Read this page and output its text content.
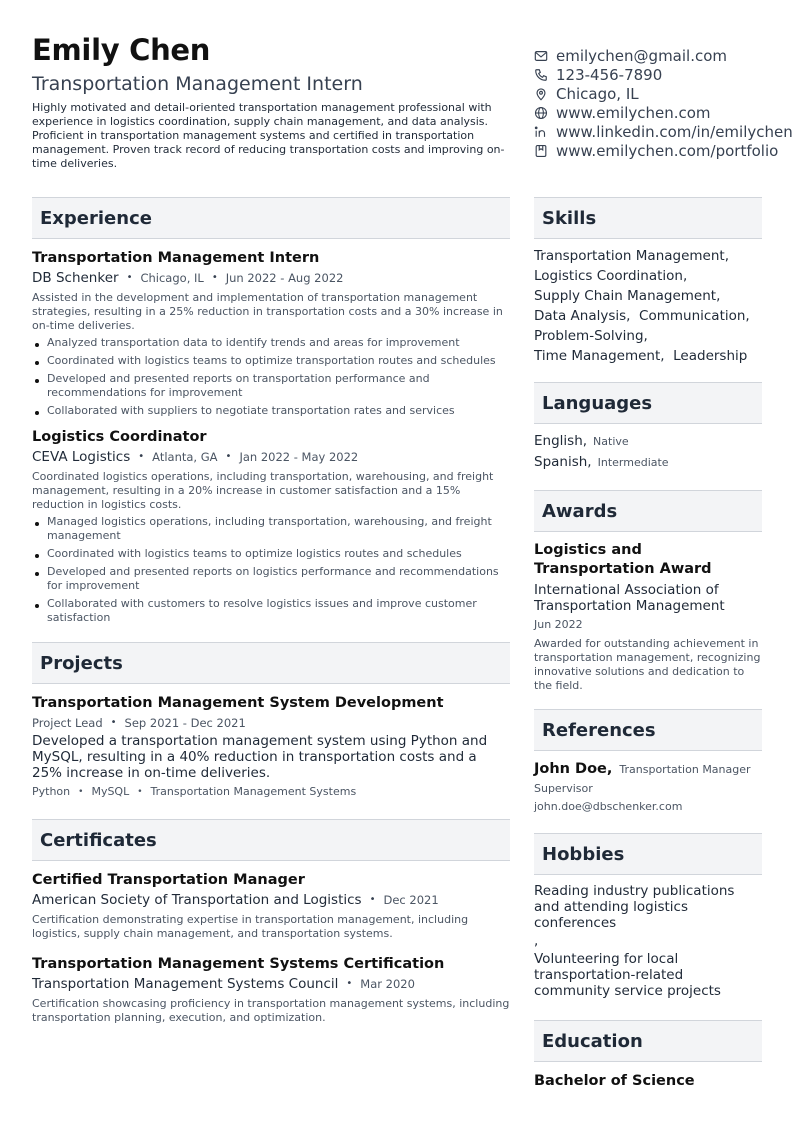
Emily Chen
Transportation Management Intern
Highly motivated and detail-oriented transportation management professional with experience in logistics coordination, supply chain management, and data analysis. Proficient in transportation management systems and certified in transportation management. Proven track record of reducing transportation costs and improving on-time deliveries.
emilychen@gmail.com
123-456-7890
Chicago, IL
www.emilychen.com
www.linkedin.com/in/emilychen
www.emilychen.com/portfolio
Experience
Transportation Management Intern
DB Schenker • Chicago, IL • Jun 2022 - Aug 2022
Assisted in the development and implementation of transportation management strategies, resulting in a 25% reduction in transportation costs and a 30% increase in on-time deliveries.
Analyzed transportation data to identify trends and areas for improvement
Coordinated with logistics teams to optimize transportation routes and schedules
Developed and presented reports on transportation performance and recommendations for improvement
Collaborated with suppliers to negotiate transportation rates and services
Logistics Coordinator
CEVA Logistics • Atlanta, GA • Jan 2022 - May 2022
Coordinated logistics operations, including transportation, warehousing, and freight management, resulting in a 20% increase in customer satisfaction and a 15% reduction in logistics costs.
Managed logistics operations, including transportation, warehousing, and freight management
Coordinated with logistics teams to optimize logistics routes and schedules
Developed and presented reports on logistics performance and recommendations for improvement
Collaborated with customers to resolve logistics issues and improve customer satisfaction
Projects
Transportation Management System Development
Project Lead • Sep 2021 - Dec 2021
Developed a transportation management system using Python and MySQL, resulting in a 40% reduction in transportation costs and a 25% increase in on-time deliveries.
Python • MySQL • Transportation Management Systems
Certificates
Certified Transportation Manager
American Society of Transportation and Logistics • Dec 2021
Certification demonstrating expertise in transportation management, including logistics, supply chain management, and transportation systems.
Transportation Management Systems Certification
Transportation Management Systems Council • Mar 2020
Certification showcasing proficiency in transportation management systems, including transportation planning, execution, and optimization.
Skills
Transportation Management,
Logistics Coordination,
Supply Chain Management,
Data Analysis,  Communication,
Problem-Solving,
Time Management,  Leadership
Languages
English, Native
Spanish, Intermediate
Awards
Logistics and Transportation Award
International Association of Transportation Management
Jun 2022
Awarded for outstanding achievement in transportation management, recognizing innovative solutions and dedication to the field.
References
John Doe, Transportation Manager
Supervisor
john.doe@dbschenker.com
Hobbies
Reading industry publications and attending logistics conferences
,
Volunteering for local transportation-related community service projects
Education
Bachelor of Science
